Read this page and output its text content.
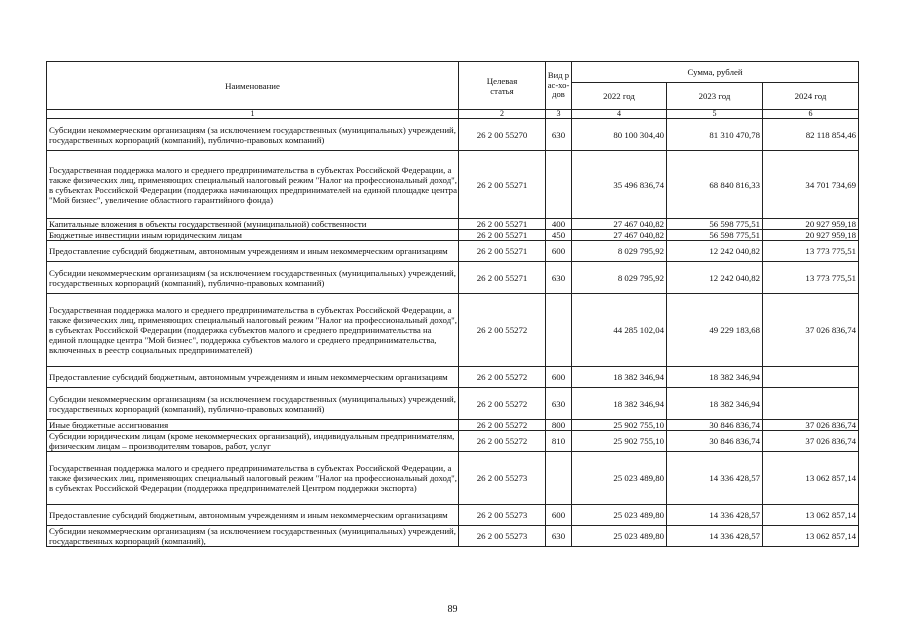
Наименование	Целевая статья	Вид рас-хо-дов	Сумма, рублей		
			2022 год	2023 год	2024 год
1	2	3	4	5	6
Субсидии некоммерческим организациям (за исключением государственных (муниципальных) учреждений, государственных корпораций (компаний), публично-правовых компаний)	26 2 00 55270	630	80 100 304,40	81 310 470,78	82 118 854,46
Государственная поддержка малого и среднего предпринимательства в субъектах Российской Федерации, а также физических лиц, применяющих специальный налоговый режим "Налог на профессиональный доход", в субъектах Российской Федерации (поддержка начинающих предпринимателей на единой площадке центра "Мой бизнес", увеличение областного гарантийного фонда)	26 2 00 55271		35 496 836,74	68 840 816,33	34 701 734,69
Капитальные вложения в объекты государственной (муниципальной) собственности	26 2 00 55271	400	27 467 040,82	56 598 775,51	20 927 959,18
Бюджетные инвестиции иным юридическим лицам	26 2 00 55271	450	27 467 040,82	56 598 775,51	20 927 959,18
Предоставление субсидий бюджетным, автономным учреждениям и иным некоммерческим организациям	26 2 00 55271	600	8 029 795,92	12 242 040,82	13 773 775,51
Субсидии некоммерческим организациям (за исключением государственных (муниципальных) учреждений, государственных корпораций (компаний), публично-правовых компаний)	26 2 00 55271	630	8 029 795,92	12 242 040,82	13 773 775,51
Государственная поддержка малого и среднего предпринимательства в субъектах Российской Федерации, а также физических лиц, применяющих специальный налоговый режим "Налог на профессиональный доход", в субъектах Российской Федерации (поддержка субъектов малого и среднего предпринимательства на единой площадке центра "Мой бизнес", поддержка субъектов малого и среднего предпринимательства, включенных в реестр социальных предпринимателей)	26 2 00 55272		44 285 102,04	49 229 183,68	37 026 836,74
Предоставление субсидий бюджетным, автономным учреждениям и иным некоммерческим организациям	26 2 00 55272	600	18 382 346,94	18 382 346,94	
Субсидии некоммерческим организациям (за исключением государственных (муниципальных) учреждений, государственных корпораций (компаний), публично-правовых компаний)	26 2 00 55272	630	18 382 346,94	18 382 346,94	
Иные бюджетные ассигнования	26 2 00 55272	800	25 902 755,10	30 846 836,74	37 026 836,74
Субсидии юридическим лицам (кроме некоммерческих организаций), индивидуальным предпринимателям, физическим лицам – производителям товаров, работ, услуг	26 2 00 55272	810	25 902 755,10	30 846 836,74	37 026 836,74
Государственная поддержка малого и среднего предпринимательства в субъектах Российской Федерации, а также физических лиц, применяющих специальный налоговый режим "Налог на профессиональный доход", в субъектах Российской Федерации (поддержка предпринимателей Центром поддержки экспорта)	26 2 00 55273		25 023 489,80	14 336 428,57	13 062 857,14
Предоставление субсидий бюджетным, автономным учреждениям и иным некоммерческим организациям	26 2 00 55273	600	25 023 489,80	14 336 428,57	13 062 857,14
Субсидии некоммерческим организациям (за исключением государственных (муниципальных) учреждений, государственных корпораций (компаний),	26 2 00 55273	630	25 023 489,80	14 336 428,57	13 062 857,14
89
